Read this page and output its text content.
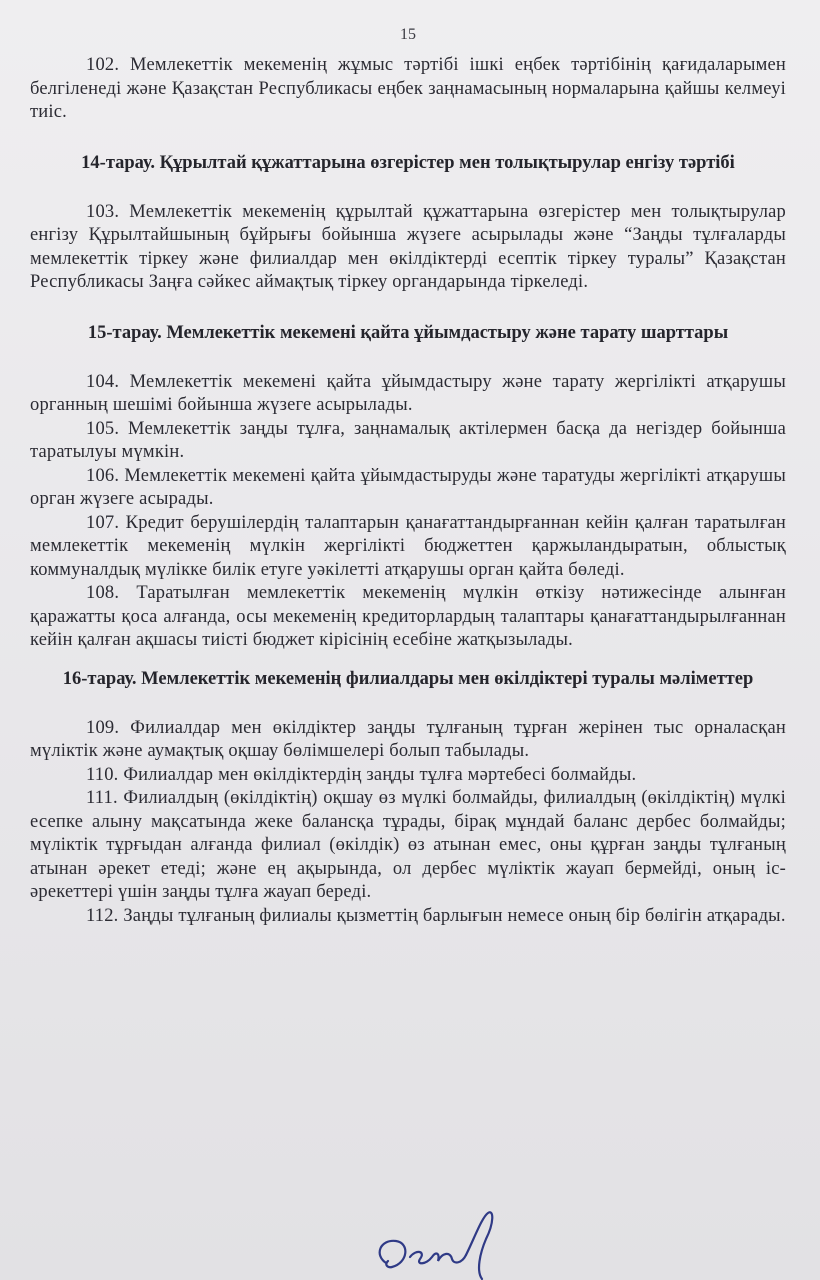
15

102. Мемлекеттік мекеменің жұмыс тәртібі ішкі еңбек тәртібінің қағидаларымен белгіленеді және Қазақстан Республикасы еңбек заңнамасының нормаларына қайшы келмеуі тиіс.

14-тарау. Құрылтай құжаттарына өзгерістер мен толықтырулар енгізу тәртібі

103. Мемлекеттік мекеменің құрылтай құжаттарына өзгерістер мен толықтырулар енгізу Құрылтайшының бұйрығы бойынша жүзеге асырылады және “Заңды тұлғаларды мемлекеттік тіркеу және филиалдар мен өкілдіктерді есептік тіркеу туралы” Қазақстан Республикасы Заңға сәйкес аймақтық тіркеу органдарында тіркеледі.

15-тарау. Мемлекеттік мекемені қайта ұйымдастыру және тарату шарттары

104. Мемлекеттік мекемені қайта ұйымдастыру және тарату жергілікті атқарушы органның шешімі бойынша жүзеге асырылады.

105. Мемлекеттік заңды тұлға, заңнамалық актілермен басқа да негіздер бойынша таратылуы мүмкін.

106. Мемлекеттік мекемені қайта ұйымдастыруды және таратуды жергілікті атқарушы орган жүзеге асырады.

107. Кредит берушілердің талаптарын қанағаттандырғаннан кейін қалған таратылған мемлекеттік мекеменің мүлкін жергілікті бюджеттен қаржыландыратын, облыстық коммуналдық мүлікке билік етуге уәкілетті атқарушы орган қайта бөледі.

108. Таратылған мемлекеттік мекеменің мүлкін өткізу нәтижесінде алынған қаражатты қоса алғанда, осы мекеменің кредиторлардың талаптары қанағаттандырылғаннан кейін қалған ақшасы тиісті бюджет кірісінің есебіне жатқызылады.

16-тарау. Мемлекеттік мекеменің филиалдары мен өкілдіктері туралы мәліметтер

109. Филиалдар мен өкілдіктер заңды тұлғаның тұрған жерінен тыс орналасқан мүліктік және аумақтық оқшау бөлімшелері болып табылады.

110. Филиалдар мен өкілдіктердің заңды тұлға мәртебесі болмайды.

111. Филиалдың (өкілдіктің) оқшау өз мүлкі болмайды, филиалдың (өкілдіктің) мүлкі есепке алыну мақсатында жеке балансқа тұрады, бірақ мұндай баланс дербес болмайды; мүліктік тұрғыдан алғанда филиал (өкілдік) өз атынан емес, оны құрған заңды тұлғаның атынан әрекет етеді; және ең ақырында, ол дербес мүліктік жауап бермейді, оның іс-әрекеттері үшін заңды тұлға жауап береді.

112. Заңды тұлғаның филиалы қызметтің барлығын немесе оның бір бөлігін атқарады.
